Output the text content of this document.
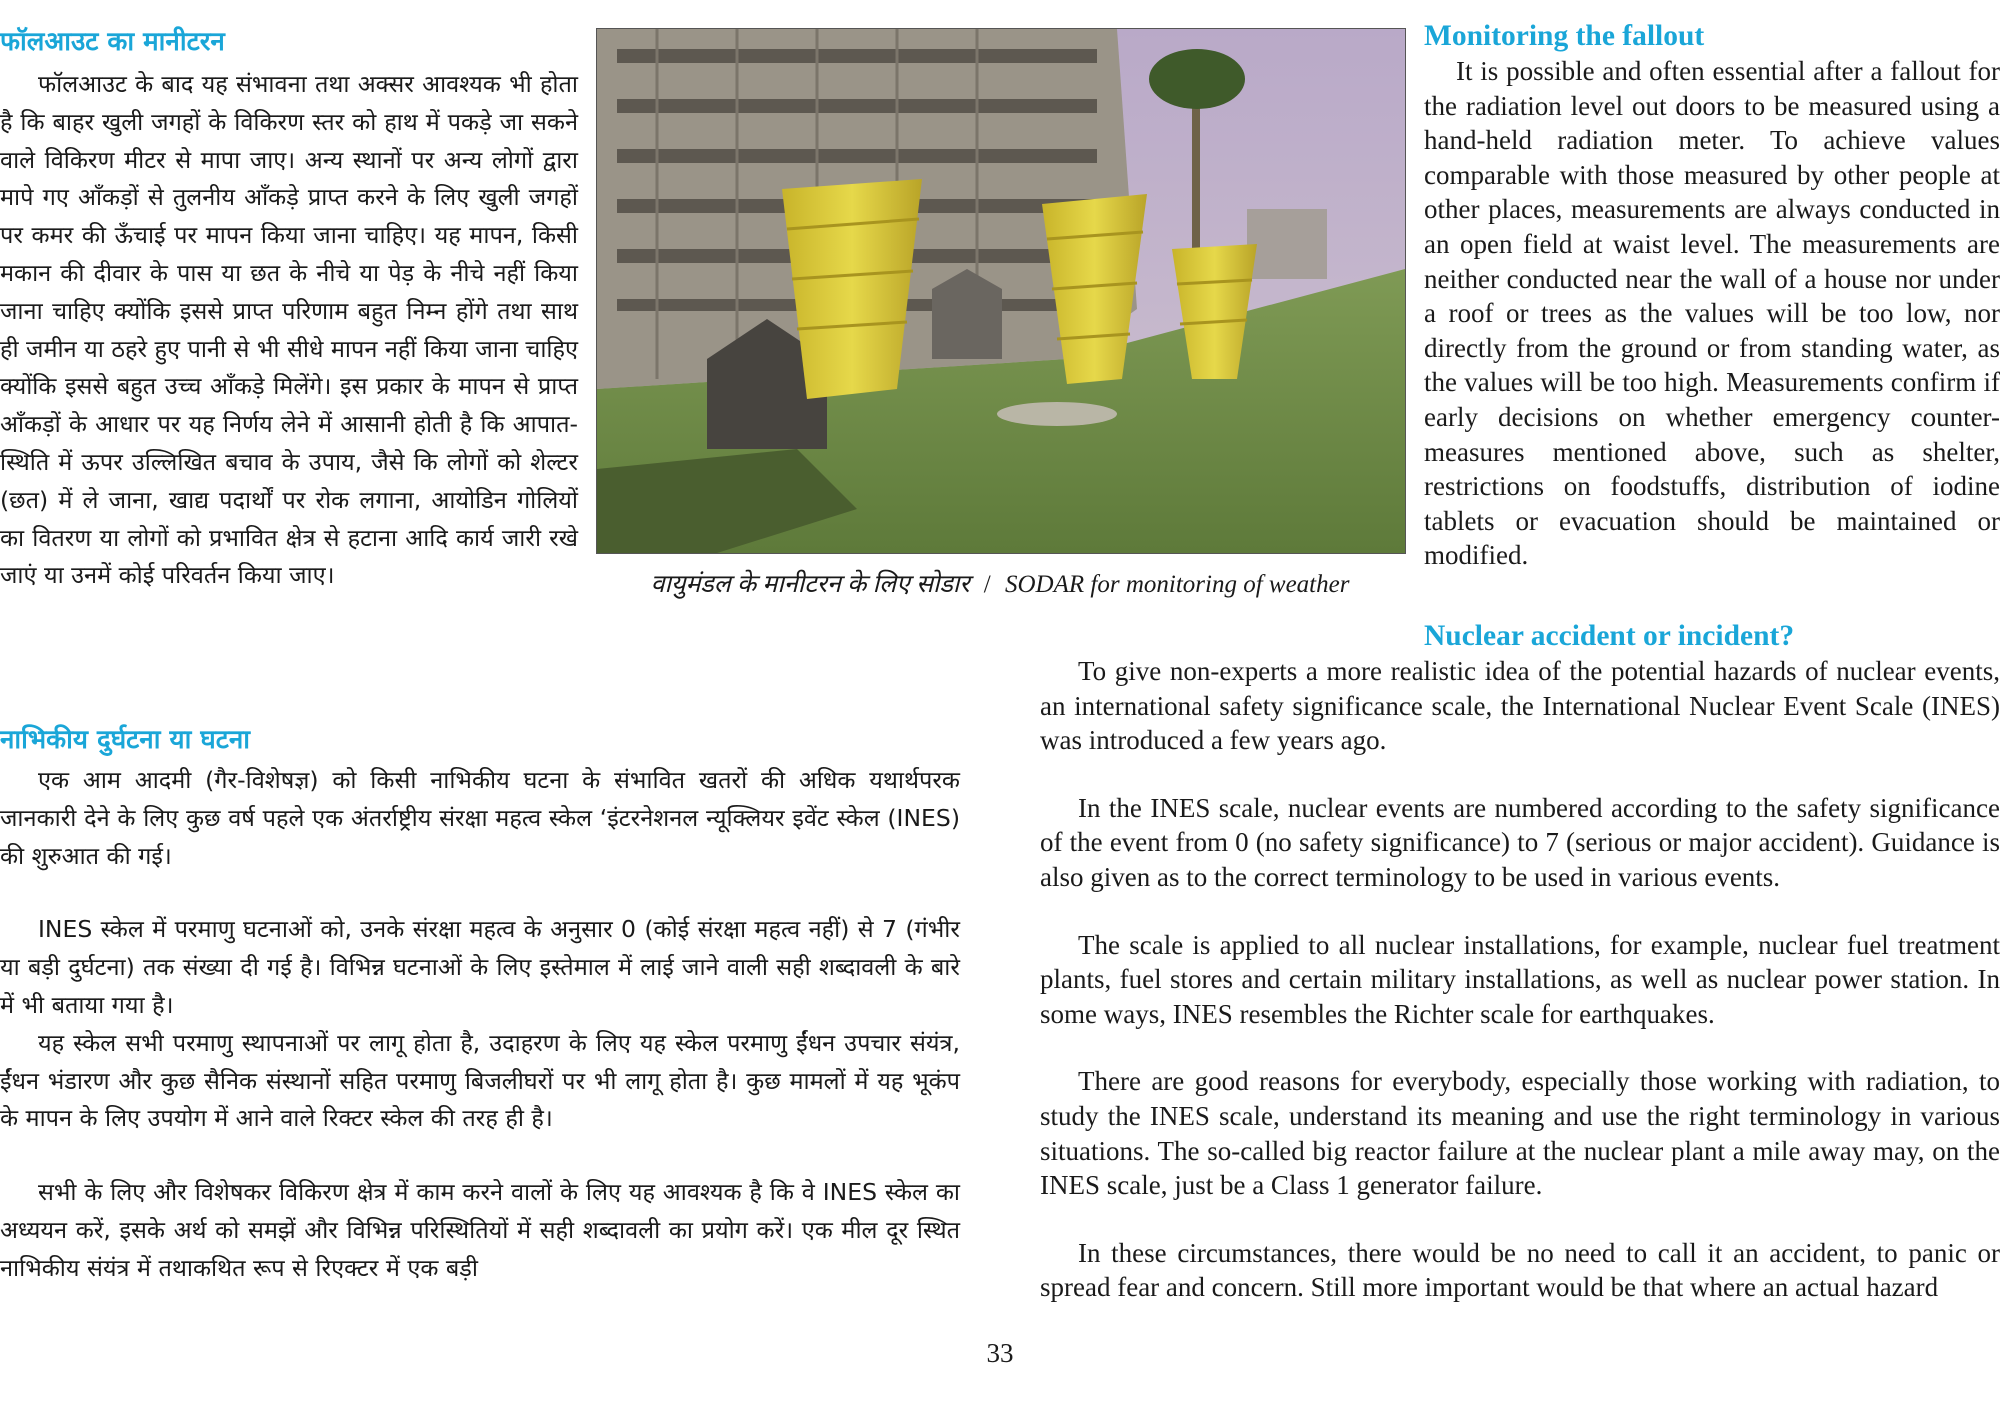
फॉलआउट का मानीटरन

फॉलआउट के बाद यह संभावना तथा अक्सर आवश्यक भी होता है कि बाहर खुली जगहों के विकिरण स्तर को हाथ में पकड़े जा सकने वाले विकिरण मीटर से मापा जाए। अन्य स्थानों पर अन्य लोगों द्वारा मापे गए आँकड़ों से तुलनीय आँकड़े प्राप्त करने के लिए खुली जगहों पर कमर की ऊँचाई पर मापन किया जाना चाहिए। यह मापन, किसी मकान की दीवार के पास या छत के नीचे या पेड़ के नीचे नहीं किया जाना चाहिए क्योंकि इससे प्राप्त परिणाम बहुत निम्न होंगे तथा साथ ही जमीन या ठहरे हुए पानी से भी सीधे मापन नहीं किया जाना चाहिए क्योंकि इससे बहुत उच्च आँकड़े मिलेंगे। इस प्रकार के मापन से प्राप्त आँकड़ों के आधार पर यह निर्णय लेने में आसानी होती है कि आपात-स्थिति में ऊपर उल्लिखित बचाव के उपाय, जैसे कि लोगों को शेल्टर (छत) में ले जाना, खाद्य पदार्थों पर रोक लगाना, आयोडिन गोलियों का वितरण या लोगों को प्रभावित क्षेत्र से हटाना आदि कार्य जारी रखे जाएं या उनमें कोई परिवर्तन किया जाए।

नाभिकीय दुर्घटना या घटना

एक आम आदमी (गैर-विशेषज्ञ) को किसी नाभिकीय घटना के संभावित खतरों की अधिक यथार्थपरक जानकारी देने के लिए कुछ वर्ष पहले एक अंतर्राष्ट्रीय संरक्षा महत्व स्केल ‘इंटरनेशनल न्यूक्लियर इवेंट स्केल (INES) की शुरुआत की गई।

INES स्केल में परमाणु घटनाओं को, उनके संरक्षा महत्व के अनुसार 0 (कोई संरक्षा महत्व नहीं) से 7 (गंभीर या बड़ी दुर्घटना) तक संख्या दी गई है। विभिन्न घटनाओं के लिए इस्तेमाल में लाई जाने वाली सही शब्दावली के बारे में भी बताया गया है।

यह स्केल सभी परमाणु स्थापनाओं पर लागू होता है, उदाहरण के लिए यह स्केल परमाणु ईंधन उपचार संयंत्र, ईंधन भंडारण और कुछ सैनिक संस्थानों सहित परमाणु बिजलीघरों पर भी लागू होता है। कुछ मामलों में यह भूकंप के मापन के लिए उपयोग में आने वाले रिक्टर स्केल की तरह ही है।

सभी के लिए और विशेषकर विकिरण क्षेत्र में काम करने वालों के लिए यह आवश्यक है कि वे INES स्केल का अध्ययन करें, इसके अर्थ को समझें और विभिन्न परिस्थितियों में सही शब्दावली का प्रयोग करें। एक मील दूर स्थित नाभिकीय संयंत्र में तथाकथित रूप से रिएक्टर में एक बड़ी

वायुमंडल के मानीटरन के लिए सोडार / SODAR for monitoring of weather
Monitoring the fallout

It is possible and often essential after a fallout for the radiation level out doors to be measured using a hand-held radiation meter. To achieve values comparable with those measured by other people at other places, measurements are always conducted in an open field at waist level. The measurements are neither conducted near the wall of a house nor under a roof or trees as the values will be too low, nor directly from the ground or from standing water, as the values will be too high. Measurements confirm if early decisions on whether emergency counter-measures mentioned above, such as shelter, restrictions on foodstuffs, distribution of iodine tablets or evacuation should be maintained or modified.

Nuclear accident or incident?

To give non-experts a more realistic idea of the potential hazards of nuclear events, an international safety significance scale, the International Nuclear Event Scale (INES) was introduced a few years ago.

In the INES scale, nuclear events are numbered according to the safety significance of the event from 0 (no safety significance) to 7 (serious or major accident). Guidance is also given as to the correct terminology to be used in various events.

The scale is applied to all nuclear installations, for example, nuclear fuel treatment plants, fuel stores and certain military installations, as well as nuclear power station. In some ways, INES resembles the Richter scale for earthquakes.

There are good reasons for everybody, especially those working with radiation, to study the INES scale, understand its meaning and use the right terminology in various situations. The so-called big reactor failure at the nuclear plant a mile away may, on the INES scale, just be a Class 1 generator failure.

In these circumstances, there would be no need to call it an accident, to panic or spread fear and concern. Still more important would be that where an actual hazard

33
